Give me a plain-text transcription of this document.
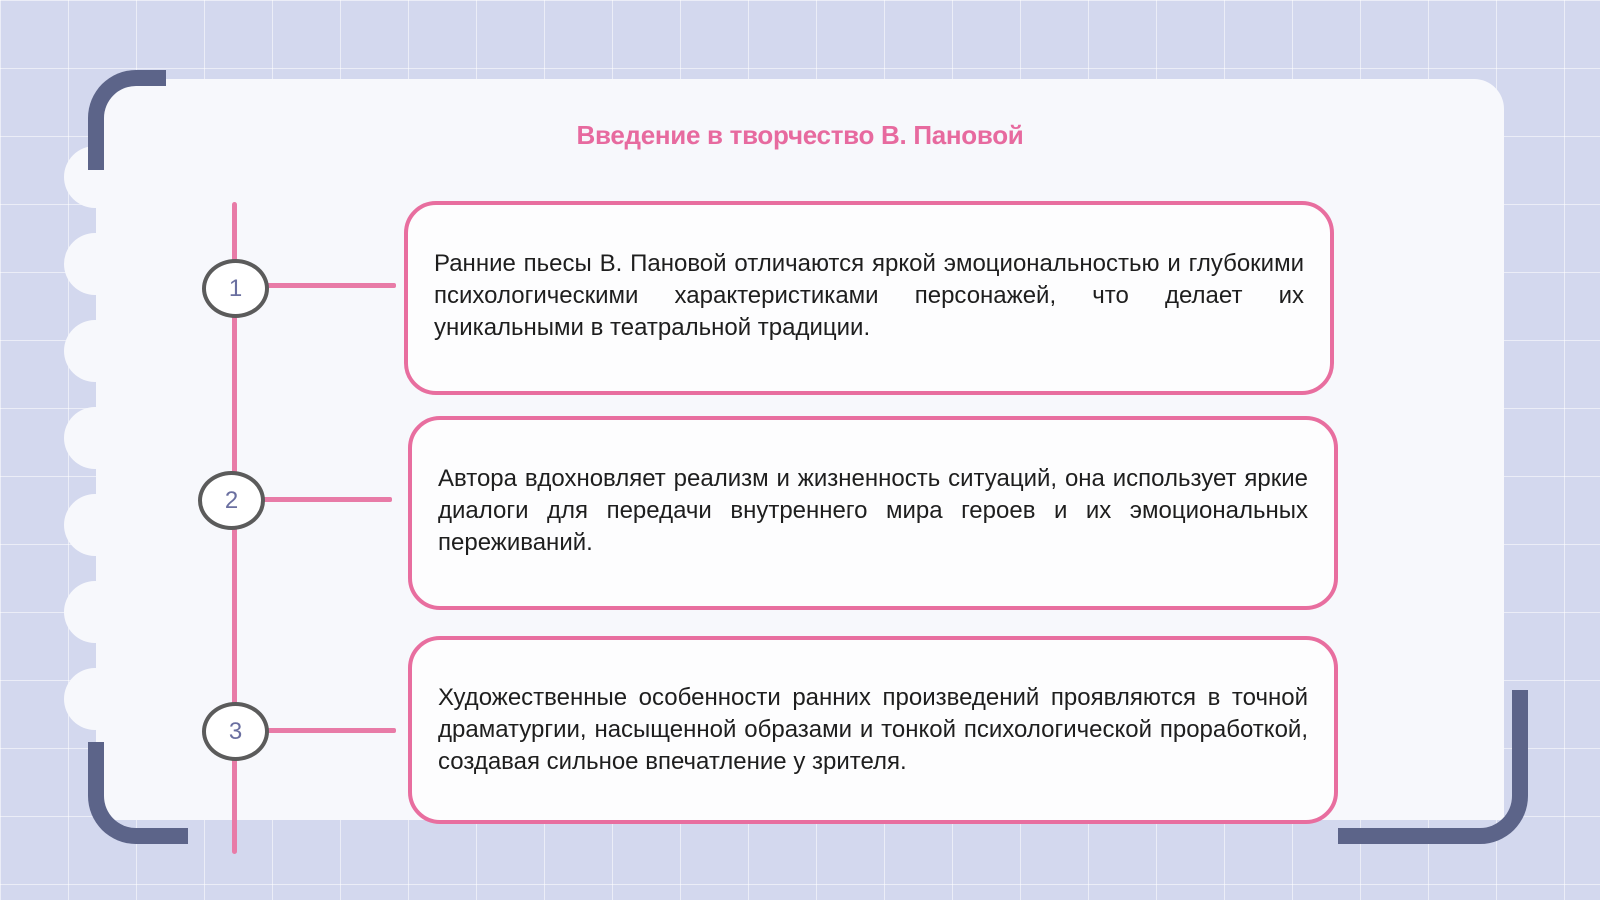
Введение в творчество В. Пановой
1
2
3

Ранние пьесы В. Пановой отличаются яркой эмоциональностью и глубокими психологическими характеристиками персонажей, что делает их уникальными в театральной традиции.

Автора вдохновляет реализм и жизненность ситуаций, она использует яркие диалоги для передачи внутреннего мира героев и их эмоциональных переживаний.

Художественные особенности ранних произведений проявляются в точной драматургии, насыщенной образами и тонкой психологической проработкой, создавая сильное впечатление у зрителя.
